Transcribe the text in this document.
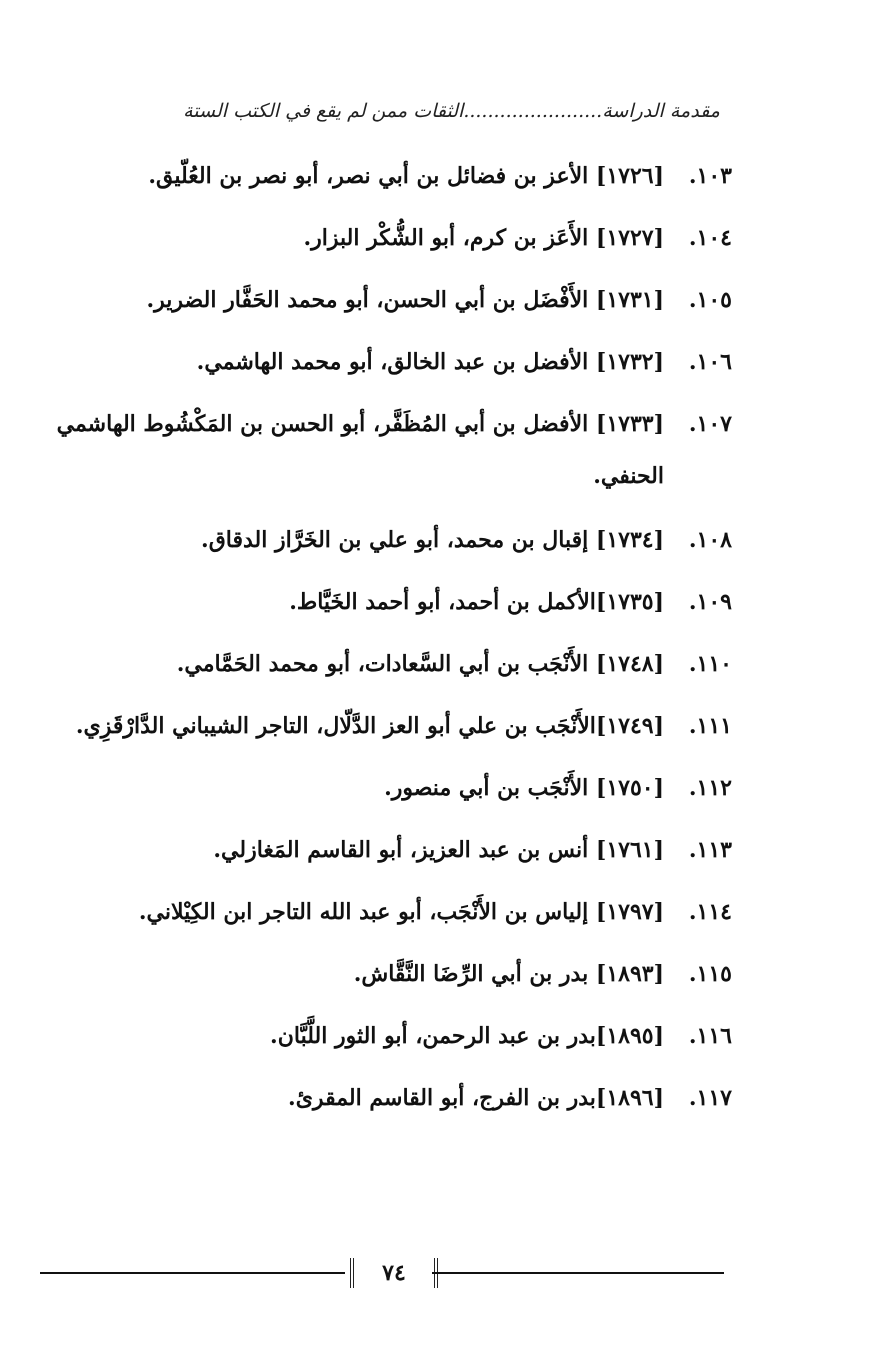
مقدمة الدراسة.......................الثقات ممن لم يقع في الكتب الستة
١٠٣.
[١٧٢٦] الأعز بن فضائل بن أبي نصر، أبو نصر بن العُلّيق.
١٠٤.
[١٧٢٧] الأَعَز بن كرم، أبو الشُّكْر البزار.
١٠٥.
[١٧٣١] الأَفْضَل بن أبي الحسن، أبو محمد الحَفَّار الضرير.
١٠٦.
[١٧٣٢] الأفضل بن عبد الخالق، أبو محمد الهاشمي.
١٠٧.
[١٧٣٣] الأفضل بن أبي المُظَفَّر، أبو الحسن بن المَكْشُوط الهاشمي الحنفي.
١٠٨.
[١٧٣٤] إقبال بن محمد، أبو علي بن الخَرَّاز الدقاق.
١٠٩.
[١٧٣٥]الأكمل بن أحمد، أبو أحمد الخَيَّاط.
١١٠.
[١٧٤٨] الأَنْجَب بن أبي السَّعادات، أبو محمد الحَمَّامي.
١١١.
[١٧٤٩]الأَنْجَب بن علي أبو العز الدَّلّال، التاجر الشيباني الدَّارْقَزِي.
١١٢.
[١٧٥٠] الأَنْجَب بن أبي منصور.
١١٣.
[١٧٦١] أنس بن عبد العزيز، أبو القاسم المَغازلي.
١١٤.
[١٧٩٧] إلياس بن الأَنْجَب، أبو عبد الله التاجر ابن الكِيْلاني.
١١٥.
[١٨٩٣] بدر بن أبي الرِّضَا النَّقَّاش.
١١٦.
[١٨٩٥]بدر بن عبد الرحمن، أبو الثور اللَّبَّان.
١١٧.
[١٨٩٦]بدر بن الفرج، أبو القاسم المقرئ.
٧٤
